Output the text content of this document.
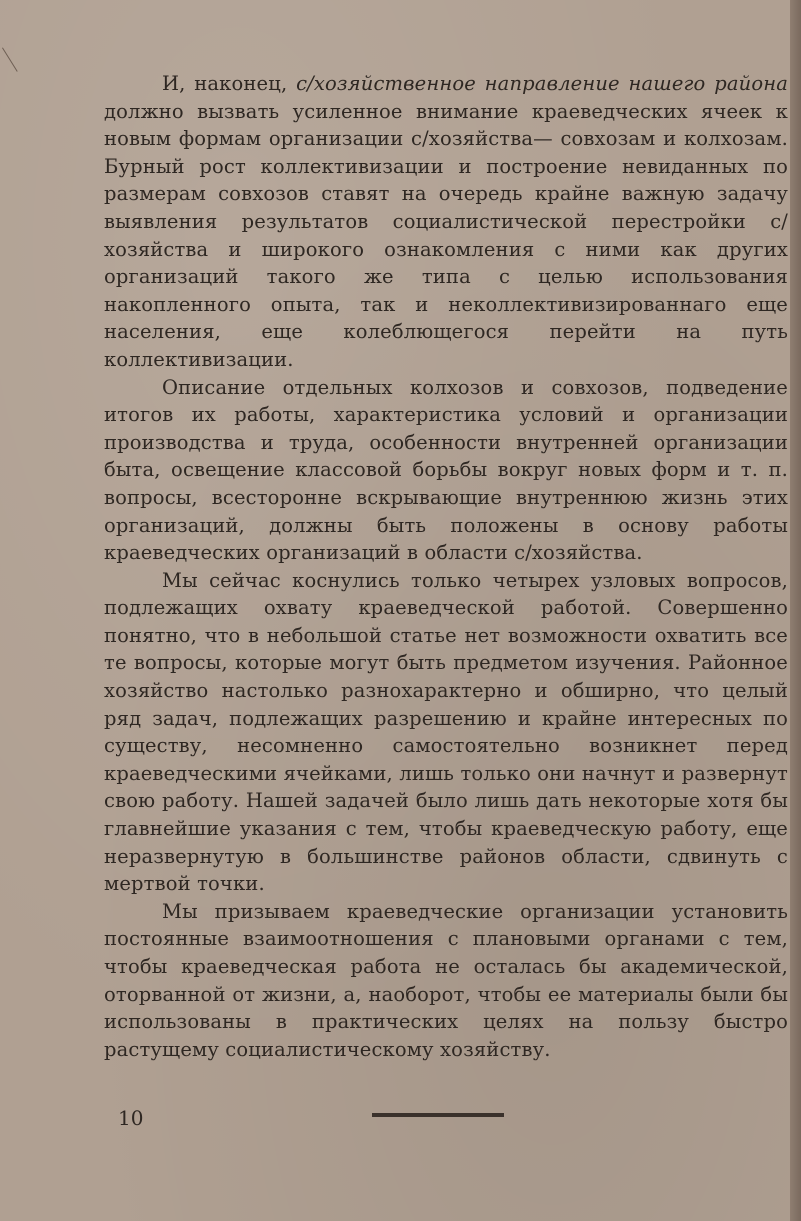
И, наконец, с/хозяйственное направление нашего района должно вызвать усиленное внимание краеведческих ячеек к новым формам организации с/хозяйства— совхозам и колхозам. Бурный рост коллективизации и построение невиданных по размерам совхозов ставят на очередь крайне важную задачу выявления результатов социалистической перестройки с/хозяйства и широкого ознакомления с ними как других организаций такого же типа с целью использования накопленного опыта, так и неколлективизированнаго еще населения, еще колеблющегося перейти на путь коллективизации.

Описание отдельных колхозов и совхозов, подведение итогов их работы, характеристика условий и организации производства и труда, особенности внутренней организации быта, освещение классовой борьбы вокруг новых форм и т. п. вопросы, всесторонне вскрывающие внутреннюю жизнь этих организаций, должны быть положены в основу работы краеведческих организаций в области с/хозяйства.

Мы сейчас коснулись только четырех узловых вопросов, подлежащих охвату краеведческой работой. Совершенно понятно, что в небольшой статье нет возможности охватить все те вопросы, которые могут быть предметом изучения. Районное хозяйство настолько разнохарактерно и обширно, что целый ряд задач, подлежащих разрешению и крайне интересных по существу, несомненно самостоятельно возникнет перед краеведческими ячейками, лишь только они начнут и развернут свою работу. Нашей задачей было лишь дать некоторые хотя бы главнейшие указания с тем, чтобы краеведческую работу, еще неразвернутую в большинстве районов области, сдвинуть с мертвой точки.

Мы призываем краеведческие организации установить постоянные взаимоотношения с плановыми органами с тем, чтобы краеведческая работа не осталась бы академической, оторванной от жизни, а, наоборот, чтобы ее материалы были бы использованы в практических целях на пользу быстро растущему социалистическому хозяйству.

10
